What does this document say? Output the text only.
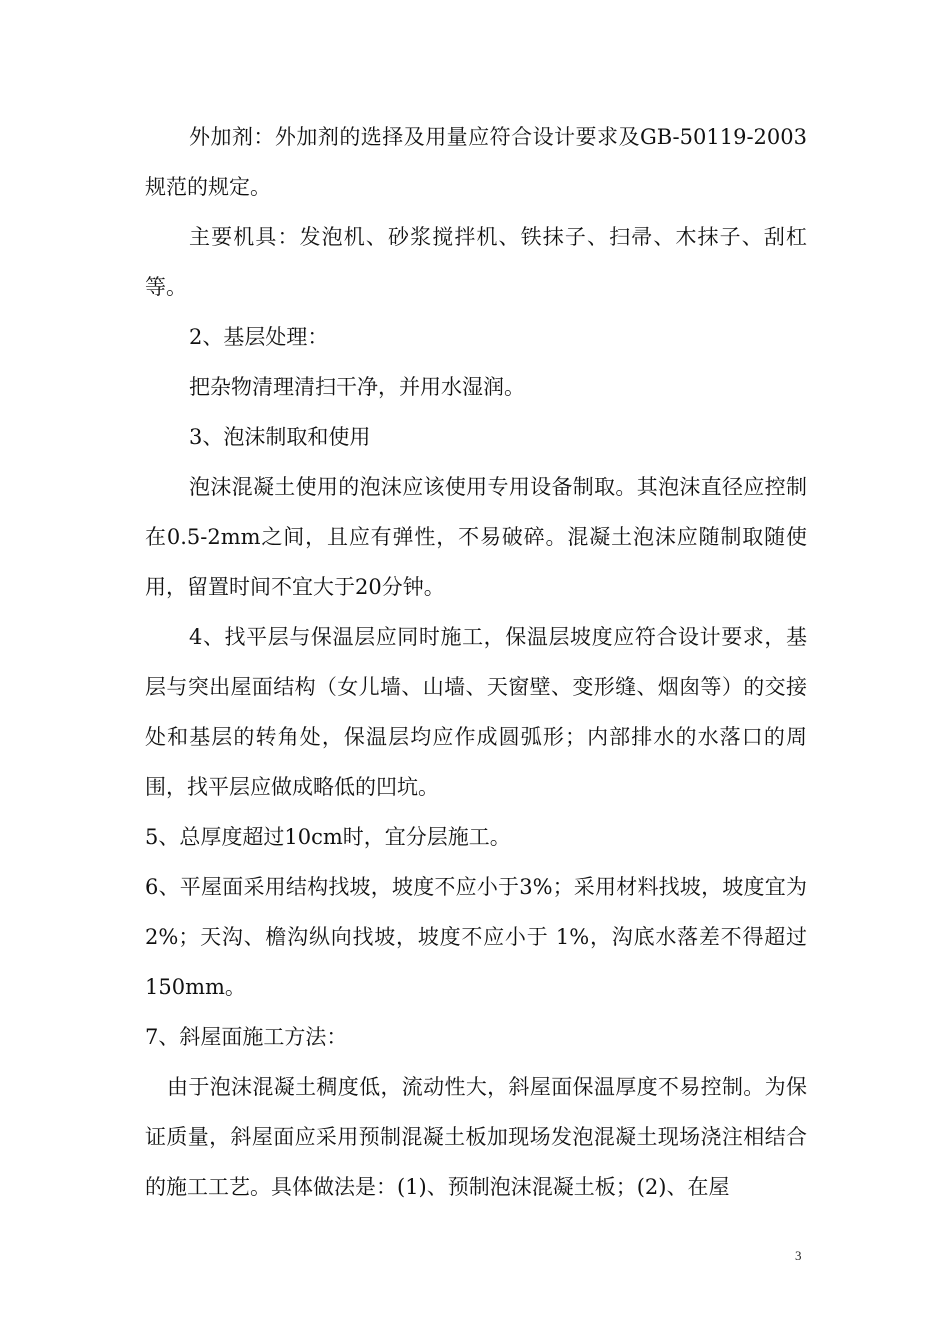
外加剂：外加剂的选择及用量应符合设计要求及GB-50119-2003规范的规定。

主要机具：发泡机、砂浆搅拌机、铁抹子、扫帚、木抹子、刮杠等。

2、基层处理：

把杂物清理清扫干净，并用水湿润。

3、泡沫制取和使用

泡沫混凝土使用的泡沫应该使用专用设备制取。其泡沫直径应控制在0.5-2mm之间，且应有弹性，不易破碎。混凝土泡沫应随制取随使用，留置时间不宜大于20分钟。

4、找平层与保温层应同时施工，保温层坡度应符合设计要求，基层与突出屋面结构（女儿墙、山墙、天窗壁、变形缝、烟囱等）的交接处和基层的转角处，保温层均应作成圆弧形；内部排水的水落口的周围，找平层应做成略低的凹坑。

5、总厚度超过10cm时，宜分层施工。

6、平屋面采用结构找坡，坡度不应小于3%；采用材料找坡，坡度宜为 2%；天沟、檐沟纵向找坡，坡度不应小于 1%，沟底水落差不得超过150mm。

7、斜屋面施工方法：

由于泡沫混凝土稠度低，流动性大，斜屋面保温厚度不易控制。为保证质量，斜屋面应采用预制混凝土板加现场发泡混凝土现场浇注相结合的施工工艺。具体做法是：(1)、预制泡沫混凝土板；(2)、在屋

3
